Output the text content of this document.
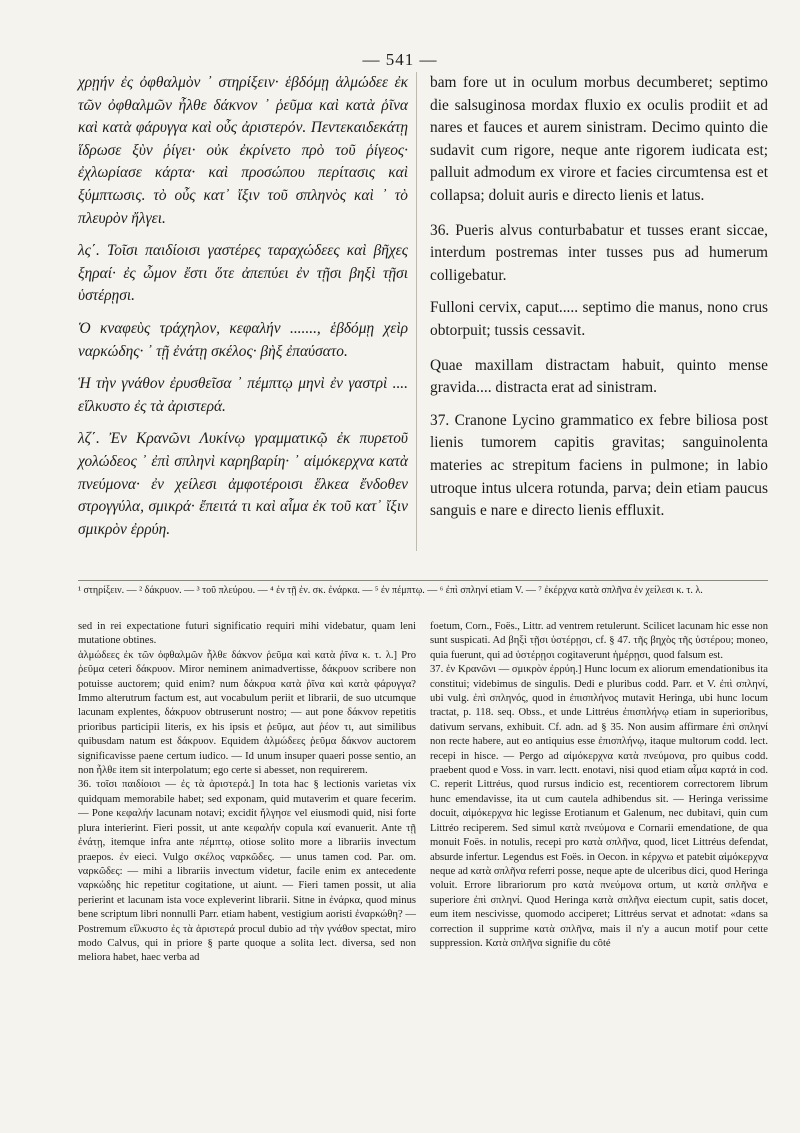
— 541 —

χρῃήν ἐς ὀφθαλμὸν ᾿ στηρίξειν· ἑβδόμῃ ἁλμώδεε ἐκ τῶν ὀφθαλμῶν ἦλθε δάκνον ᾿ ῥεῦμα καὶ κατὰ ῥῖνα καὶ κατὰ φάρυγγα καὶ οὖς ἀριστερόν. Πεντεκαιδεκάτῃ ἵδρωσε ξὺν ῥίγει· οὐκ ἐκρίνετο πρὸ τοῦ ῥίγεος· ἐχλωρίασε κάρτα· καὶ προσώπου περίτασις καὶ ξύμπτωσις. τὸ οὖς κατ᾿ ἴξιν τοῦ σπληνὸς καὶ ᾿ τὸ πλευρὸν ἤλγει.

λς΄. Τοῖσι παιδίοισι γαστέρες ταραχώδεες καὶ βῆχες ξηραί· ἐς ὦμον ἔστι ὅτε ἀπεπύει ἐν τῇσι βηξὶ τῇσι ὑστέρῃσι.

Ὁ κναφεὺς τράχηλον, κεφαλήν ......., ἑβδόμῃ χεὶρ ναρκώδης· ᾿ τῇ ἐνάτῃ σκέλος· βὴξ ἐπαύσατο.

Ἡ τὴν γνάθον ἐρυσθεῖσα ᾿ πέμπτῳ μηνὶ ἐν γαστρὶ .... εἵλκυστο ἐς τὰ ἀριστερά.

λζ΄. Ἐν Κρανῶνι Λυκίνῳ γραμματικῷ ἐκ πυρετοῦ χολώδεος ᾿ ἐπὶ σπληνὶ καρηβαρίη· ᾿ αἱμόκερχνα κατὰ πνεύμονα· ἐν χείλεσι ἀμφοτέροισι ἕλκεα ἔνδοθεν στρογγύλα, σμικρά· ἔπειτά τι καὶ αἷμα ἐκ τοῦ κατ᾿ ἴξιν σμικρὸν ἐρρύη.

bam fore ut in oculum morbus decumberet; septimo die salsuginosa mordax fluxio ex oculis prodiit et ad nares et fauces et aurem sinistram. Decimo quinto die sudavit cum rigore, neque ante rigorem iudicata est; palluit admodum ex virore et facies circumtensa est et collapsa; doluit auris e directo lienis et latus.

36. Pueris alvus conturbabatur et tusses erant siccae, interdum postremas inter tusses pus ad humerum colligebatur.

Fulloni cervix, caput..... septimo die manus, nono crus obtorpuit; tussis cessavit.

Quae maxillam distractam habuit, quinto mense gravida.... distracta erat ad sinistram.

37. Cranone Lycino grammatico ex febre biliosa post lienis tumorem capitis gravitas; sanguinolenta materies ac strepitum faciens in pulmone; in labio utroque intus ulcera rotunda, parva; dein etiam paucus sanguis e nare e directo lienis effluxit.

¹ στηρίξειν. — ² δάκρυον. — ³ τοῦ πλεύρου. — ⁴ ἐν τῇ ἐν. σκ. ἐνάρκα. — ⁵ ἐν πέμπτῳ. — ⁶ ἐπὶ σπληνί etiam V. — ⁷ ἐκέρχνα κατὰ σπλῆνα ἐν χείλεσι κ. τ. λ.

sed in rei expectatione futuri significatio requiri mihi videbatur, quam leni mutatione obtines.

ἁλμώδεες ἐκ τῶν ὀφθαλμῶν ἦλθε δάκνον ῥεῦμα καὶ κατὰ ῥῖνα κ. τ. λ.] Pro ῥεῦμα ceteri δάκρυον. Miror neminem animadvertisse, δάκρυον scribere non potuisse auctorem; quid enim? num δάκρυα κατὰ ῥῖνα καὶ κατὰ φάρυγγα? Immo alterutrum factum est, aut vocabulum periit et librarii, de suo utcumque lacunam explentes, δάκρυον obtruserunt nostro; — aut pone δάκνον repetitis prioribus participii literis, ex his ipsis et ῥεῦμα, aut ῥέον τι, aut similibus quibusdam natum est δάκρυον. Equidem ἁλμώδεες ῥεῦμα δάκνον auctorem significavisse paene certum iudico. — Id unum insuper quaeri posse sentio, an non ἦλθε item sit interpolatum; ego certe si abesset, non requirerem.

36. τοῖσι παιδίοισι — ἐς τὰ ἀριστερά.] In tota hac § lectionis varietas vix quidquam memorabile habet; sed exponam, quid mutaverim et quare fecerim. — Pone κεφαλήν lacunam notavi; excidit ἤλγησε vel eiusmodi quid, nisi forte plura interierint. Fieri possit, ut ante κεφαλήν copula καί evanuerit. Ante τῇ ἐνάτῃ, itemque infra ante πέμπτῳ, otiose solito more a librariis invectum praepos. ἐν eieci. Vulgo σκέλος ναρκῶδες. — unus tamen cod. Par. om. ναρκῶδες: — mihi a librariis invectum videtur, facile enim ex antecedente ναρκώδης hic repetitur cogitatione, ut aiunt. — Fieri tamen possit, ut alia perierint et lacunam ista voce expleverint librarii. Sitne in ἐνάρκα, quod minus bene scriptum libri nonnulli Parr. etiam habent, vestigium aoristi ἐναρκώθη? — Postremum εἵλκυστο ἐς τὰ ἀριστερά procul dubio ad τὴν γνάθον spectat, miro modo Calvus, qui in priore § parte quoque a solita lect. diversa, sed non meliora habet, haec verba ad

foetum, Corn., Foës., Littr. ad ventrem retulerunt. Scilicet lacunam hic esse non sunt suspicati. Ad βηξὶ τῇσι ὑστέρῃσι, cf. § 47. τῆς βηχὸς τῆς ὑστέρου; moneo, quia fuerunt, qui ad ὑστέρῃσι cogitaverunt ἡμέρῃσι, quod falsum est.

37. ἐν Κρανῶνι — σμικρὸν ἐρρύη.] Hunc locum ex aliorum emendationibus ita constitui; videbimus de singulis. Dedi e pluribus codd. Parr. et V. ἐπὶ σπληνί, ubi vulg. ἐπὶ σπληνός, quod in ἐπισπλήνος mutavit Heringa, ubi hunc locum tractat, p. 118. seq. Obss., et unde Littréus ἐπισπλήνῳ etiam in superioribus, dativum servans, exhibuit. Cf. adn. ad § 35. Non ausim affirmare ἐπὶ σπληνί non recte habere, aut eo antiquius esse ἐπισπλήνῳ, itaque multorum codd. lect. recepi in hisce. — Pergo ad αἱμόκερχνα κατὰ πνεύμονα, pro quibus codd. praebent quod e Voss. in varr. lectt. enotavi, nisi quod etiam αἷμα καρτά in cod. C. reperit Littréus, quod rursus indicio est, recentiorem correctorem librum hunc emendavisse, ita ut cum cautela adhibendus sit. — Heringa verissime docuit, αἱμόκερχνα hic legisse Erotianum et Galenum, nec dubitavi, quin cum Littréo reciperem. Sed simul κατὰ πνεύμονα e Cornarii emendatione, de qua monuit Foës. in notulis, recepi pro κατὰ σπλῆνα, quod, licet Littréus defendat, absurde infertur. Legendus est Foës. in Oecon. in κέρχνω et patebit αἱμόκερχνα neque ad κατὰ σπλῆνα referri posse, neque apte de ulceribus dici, quod Heringa voluit. Errore librariorum pro κατὰ πνεύμονα ortum, ut κατὰ σπλῆνα e superiore ἐπὶ σπληνί. Quod Heringa κατὰ σπλῆνα eiectum cupit, satis docet, eum item nescivisse, quomodo acciperet; Littréus servat et adnotat: «dans sa correction il supprime κατὰ σπλῆνα, mais il n'y a aucun motif pour cette suppression. Κατὰ σπλῆνα signifie du côté
